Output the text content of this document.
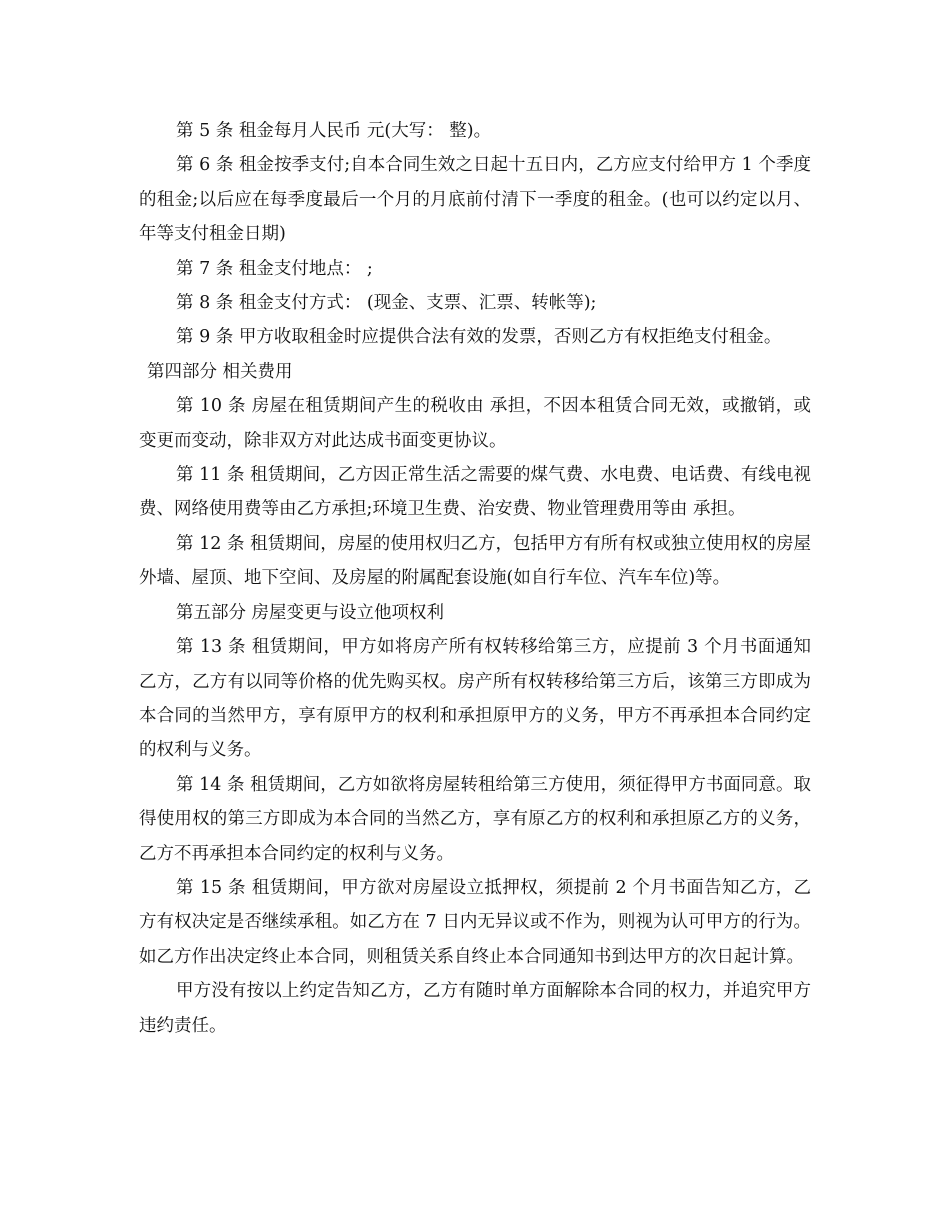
第 5 条 租金每月人民币 元(大写： 整)。

第 6 条 租金按季支付;自本合同生效之日起十五日内，乙方应支付给甲方 1 个季度的租金;以后应在每季度最后一个月的月底前付清下一季度的租金。(也可以约定以月、年等支付租金日期)

第 7 条 租金支付地点： ;

第 8 条 租金支付方式： (现金、支票、汇票、转帐等);

第 9 条 甲方收取租金时应提供合法有效的发票，否则乙方有权拒绝支付租金。

第四部分 相关费用

第 10 条 房屋在租赁期间产生的税收由 承担，不因本租赁合同无效，或撤销，或变更而变动，除非双方对此达成书面变更协议。

第 11 条 租赁期间，乙方因正常生活之需要的煤气费、水电费、电话费、有线电视费、网络使用费等由乙方承担;环境卫生费、治安费、物业管理费用等由 承担。

第 12 条 租赁期间，房屋的使用权归乙方，包括甲方有所有权或独立使用权的房屋外墙、屋顶、地下空间、及房屋的附属配套设施(如自行车位、汽车车位)等。

第五部分 房屋变更与设立他项权利

第 13 条 租赁期间，甲方如将房产所有权转移给第三方，应提前 3 个月书面通知乙方，乙方有以同等价格的优先购买权。房产所有权转移给第三方后，该第三方即成为本合同的当然甲方，享有原甲方的权利和承担原甲方的义务，甲方不再承担本合同约定的权利与义务。

第 14 条 租赁期间，乙方如欲将房屋转租给第三方使用，须征得甲方书面同意。取得使用权的第三方即成为本合同的当然乙方，享有原乙方的权利和承担原乙方的义务，乙方不再承担本合同约定的权利与义务。

第 15 条 租赁期间，甲方欲对房屋设立抵押权，须提前 2 个月书面告知乙方，乙方有权决定是否继续承租。如乙方在 7 日内无异议或不作为，则视为认可甲方的行为。如乙方作出决定终止本合同，则租赁关系自终止本合同通知书到达甲方的次日起计算。

甲方没有按以上约定告知乙方，乙方有随时单方面解除本合同的权力，并追究甲方违约责任。
